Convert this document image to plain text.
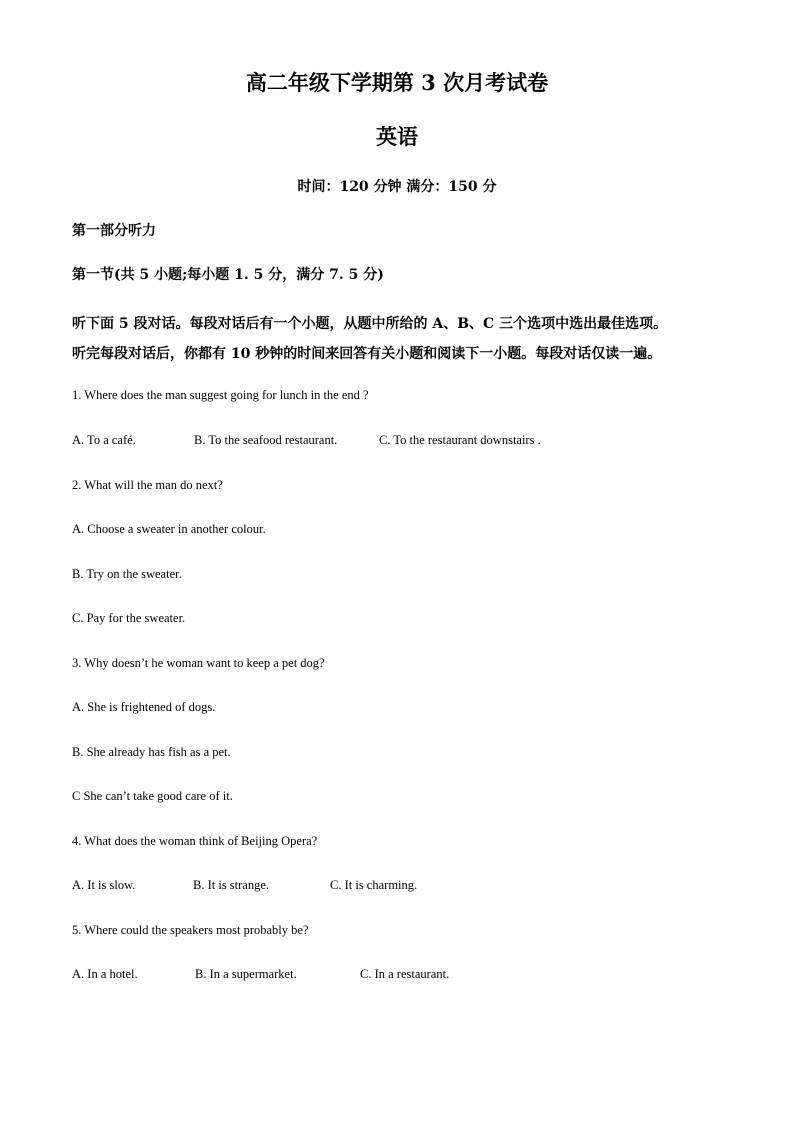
高二年级下学期第 3 次月考试卷
英语
时间：120 分钟 满分：150 分
第一部分听力
第一节(共 5 小题;每小题 1. 5 分，满分 7. 5 分)
听下面 5 段对话。每段对话后有一个小题，从题中所给的 A、B、C 三个选项中选出最佳选项。
听完每段对话后，你都有 10 秒钟的时间来回答有关小题和阅读下一小题。每段对话仅读一遍。
1. Where does the man suggest going for lunch in the end ?
A. To a café.	B. To the seafood restaurant.	C. To the restaurant downstairs .
2. What will the man do next?
A. Choose a sweater in another colour.
B. Try on the sweater.
C. Pay for the sweater.
3. Why doesn’t he woman want to keep a pet dog?
A. She is frightened of dogs.
B. She already has fish as a pet.
C She can’t take good care of it.
4. What does the woman think of Beijing Opera?
A. It is slow.	B. It is strange.	C. It is charming.
5. Where could the speakers most probably be?
A. In a hotel.	B. In a supermarket.	C. In a restaurant.
